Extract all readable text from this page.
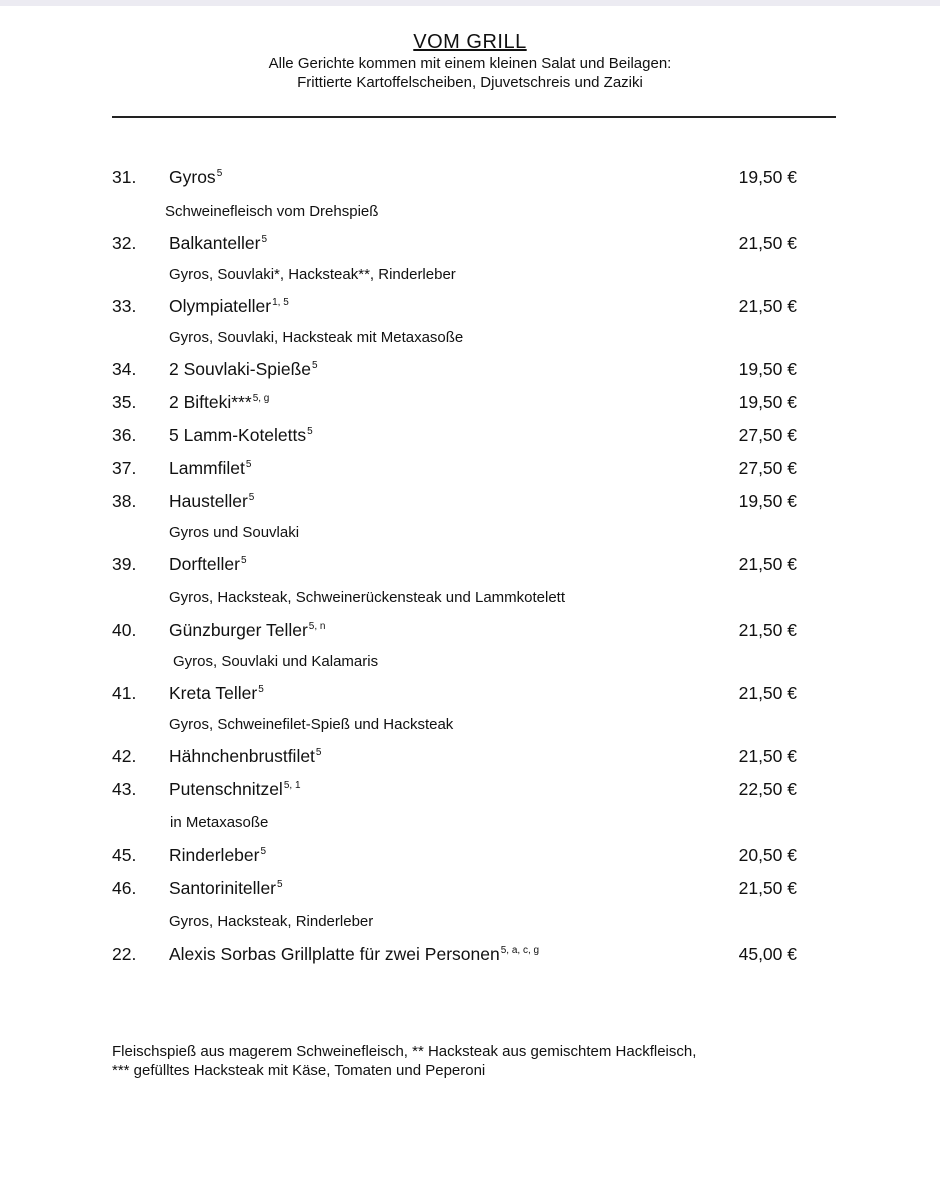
VOM GRILL
Alle Gerichte kommen mit einem kleinen Salat und Beilagen:
Frittierte Kartoffelscheiben, Djuvetschreis und Zaziki
31. Gyros$^5$	19,50 €
Schweinefleisch vom Drehspieß
32. Balkanteller$^5$	21,50 €
Gyros, Souvlaki*, Hacksteak**, Rinderleber
33. Olympiateller$^{1, 5}$	21,50 €
Gyros, Souvlaki, Hacksteak mit Metaxasoße
34. 2 Souvlaki-Spieße$^5$	19,50 €
35. 2 Bifteki***$^{5, g}$	19,50 €
36. 5 Lamm-Koteletts$^5$	27,50 €
37. Lammfilet$^5$	27,50 €
38. Hausteller$^5$	19,50 €
Gyros und Souvlaki
39. Dorfteller$^5$	21,50 €
Gyros, Hacksteak, Schweinerückensteak und Lammkotelett
40. Günzburger Teller$^{5, n}$	21,50 €
Gyros, Souvlaki und Kalamaris
41. Kreta Teller$^5$	21,50 €
Gyros, Schweinefilet-Spieß und Hacksteak
42. Hähnchenbrustfilet$^5$	21,50 €
43. Putenschnitzel$^{5, 1}$	22,50 €
in Metaxasoße
45. Rinderleber$^5$	20,50 €
46. Santoriniteller$^5$	21,50 €
Gyros, Hacksteak, Rinderleber
22. Alexis Sorbas Grillplatte für zwei Personen$^{5, a, c, g}$	45,00 €
Fleischspieß aus magerem Schweinefleisch, ** Hacksteak aus gemischtem Hackfleisch,
*** gefülltes Hacksteak mit Käse, Tomaten und Peperoni
